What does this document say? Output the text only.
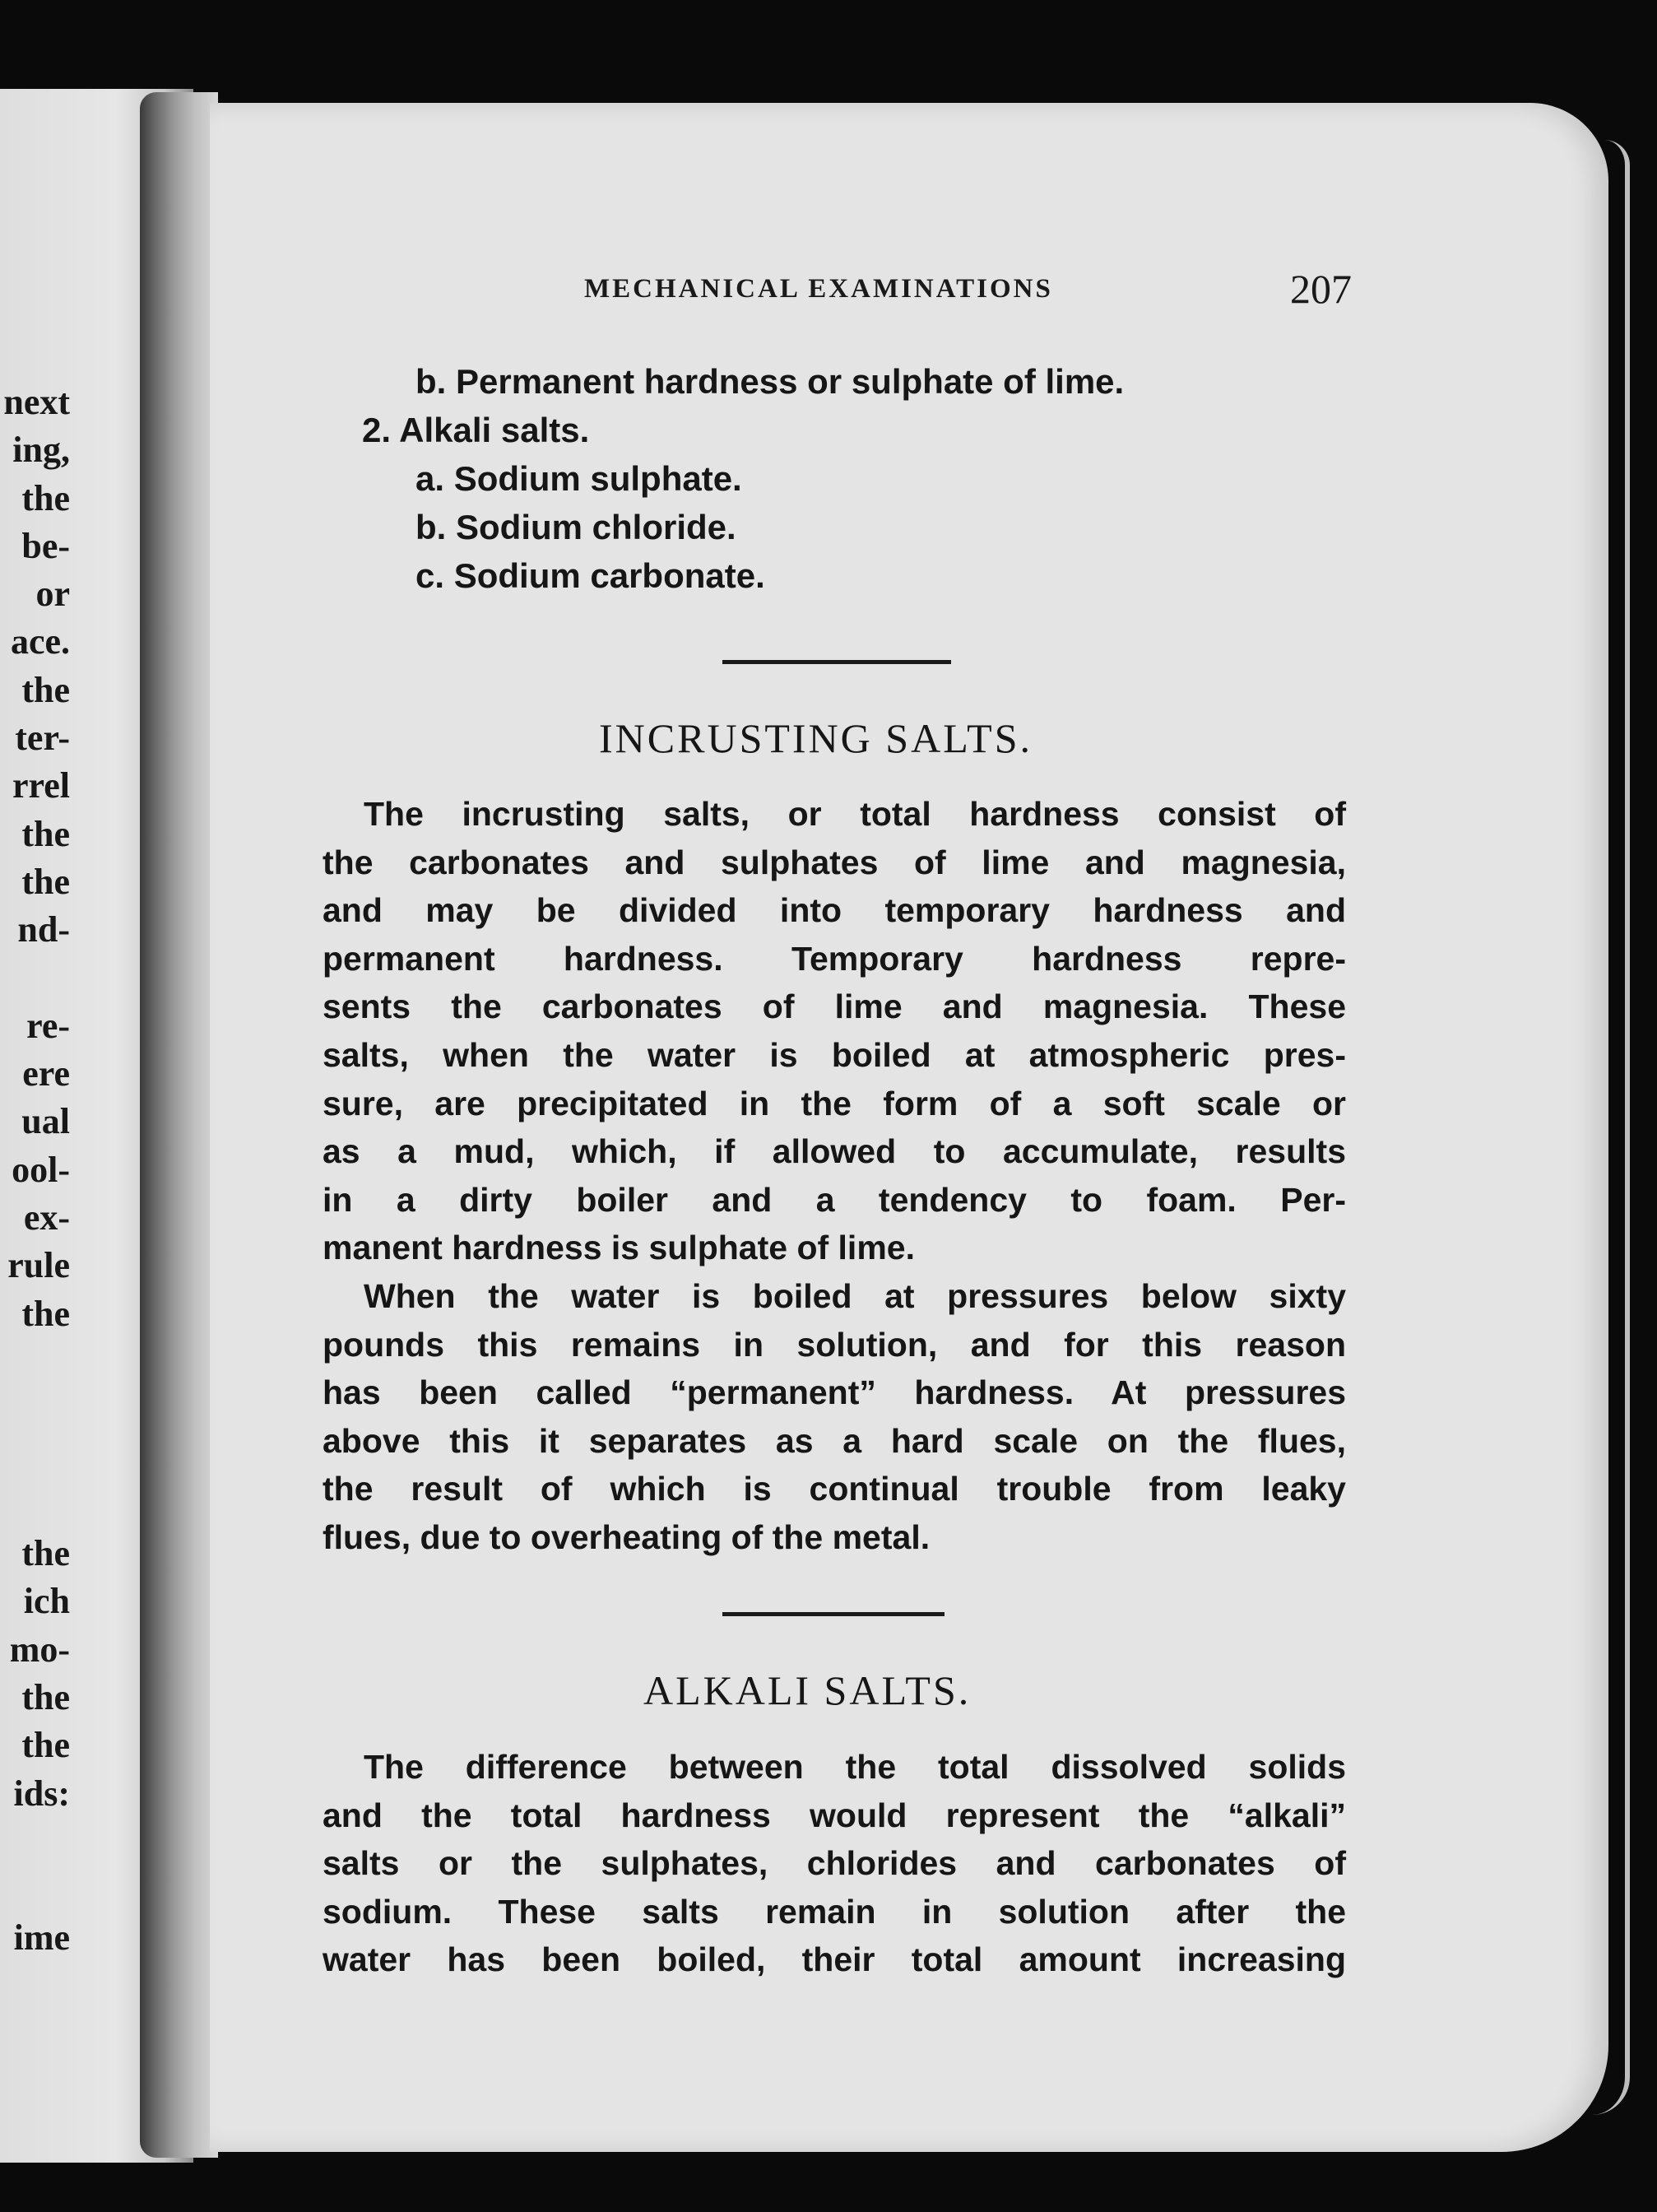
next
ing,
the
be-
or
ace.
the
ter-
rrel
the
the
nd-
re-
ere
ual
ool-
ex-
rule
the
the
ich
mo-
the
the
ids:
ime
MECHANICAL EXAMINATIONS	207
b. Permanent hardness or sulphate of lime.
2. Alkali salts.
a. Sodium sulphate.
b. Sodium chloride.
c. Sodium carbonate.
INCRUSTING SALTS.
The incrusting salts, or total hardness consist of
the carbonates and sulphates of lime and magnesia,
and may be divided into temporary hardness and
permanent hardness. Temporary hardness repre-
sents the carbonates of lime and magnesia. These
salts, when the water is boiled at atmospheric pres-
sure, are precipitated in the form of a soft scale or
as a mud, which, if allowed to accumulate, results
in a dirty boiler and a tendency to foam. Per-
manent hardness is sulphate of lime.
When the water is boiled at pressures below sixty
pounds this remains in solution, and for this reason
has been called “permanent” hardness. At pressures
above this it separates as a hard scale on the flues,
the result of which is continual trouble from leaky
flues, due to overheating of the metal.
ALKALI SALTS.
The difference between the total dissolved solids
and the total hardness would represent the “alkali”
salts or the sulphates, chlorides and carbonates of
sodium. These salts remain in solution after the
water has been boiled, their total amount increasing
